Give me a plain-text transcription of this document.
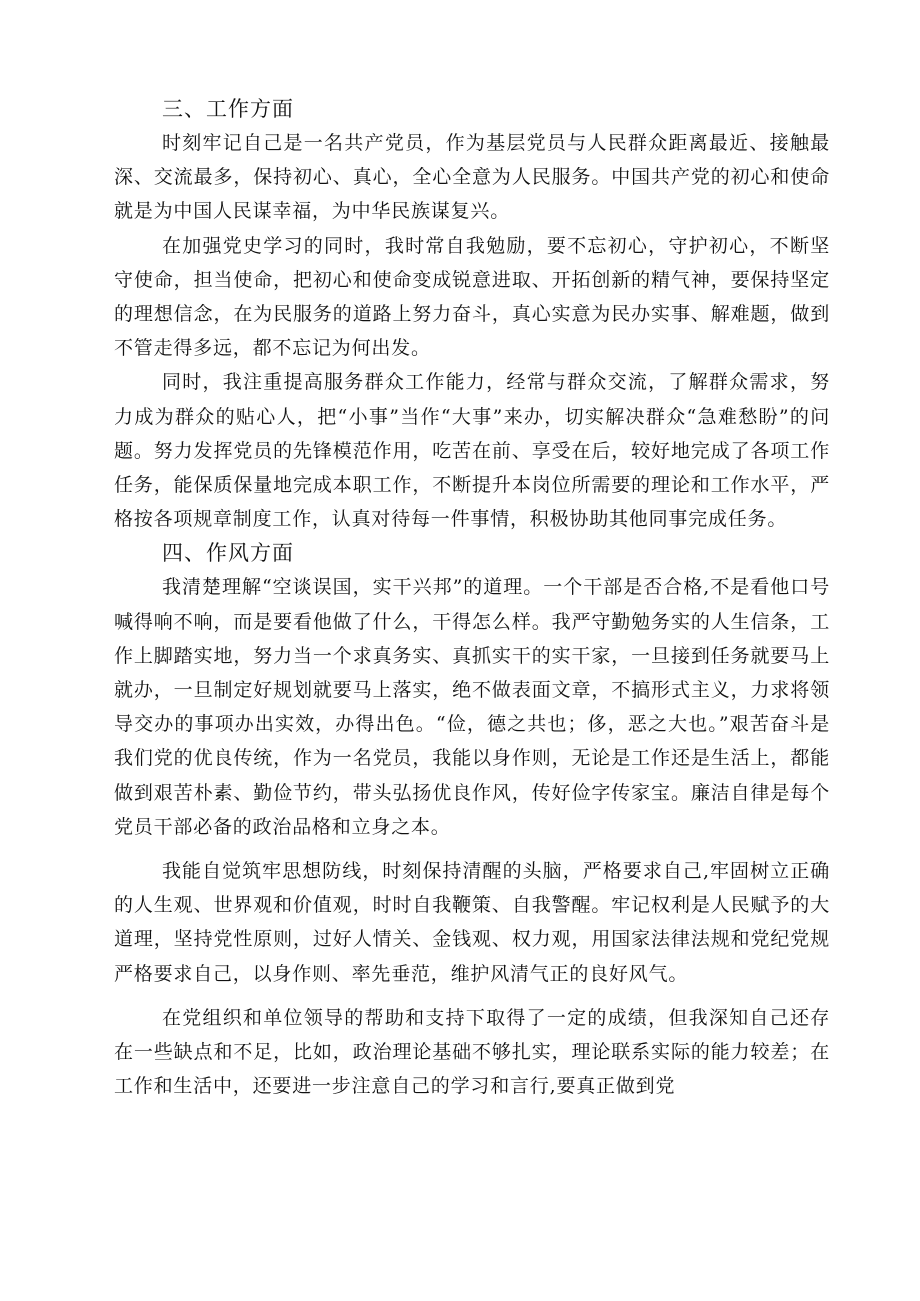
三、工作方面

时刻牢记自己是一名共产党员，作为基层党员与人民群众距离最近、接触最深、交流最多，保持初心、真心，全心全意为人民服务。中国共产党的初心和使命就是为中国人民谋幸福，为中华民族谋复兴。

在加强党史学习的同时，我时常自我勉励，要不忘初心，守护初心，不断坚守使命，担当使命，把初心和使命变成锐意进取、开拓创新的精气神，要保持坚定的理想信念，在为民服务的道路上努力奋斗，真心实意为民办实事、解难题，做到不管走得多远，都不忘记为何出发。

同时，我注重提高服务群众工作能力，经常与群众交流，了解群众需求，努力成为群众的贴心人，把“小事”当作“大事”来办，切实解决群众“急难愁盼”的问题。努力发挥党员的先锋模范作用，吃苦在前、享受在后，较好地完成了各项工作任务，能保质保量地完成本职工作，不断提升本岗位所需要的理论和工作水平，严格按各项规章制度工作，认真对待每一件事情，积极协助其他同事完成任务。

四、作风方面

我清楚理解“空谈误国，实干兴邦”的道理。一个干部是否合格,不是看他口号喊得响不响，而是要看他做了什么，干得怎么样。我严守勤勉务实的人生信条，工作上脚踏实地，努力当一个求真务实、真抓实干的实干家，一旦接到任务就要马上就办，一旦制定好规划就要马上落实，绝不做表面文章，不搞形式主义，力求将领导交办的事项办出实效，办得出色。“俭，德之共也；侈，恶之大也。”艰苦奋斗是我们党的优良传统，作为一名党员，我能以身作则，无论是工作还是生活上，都能做到艰苦朴素、勤俭节约，带头弘扬优良作风，传好俭字传家宝。廉洁自律是每个党员干部必备的政治品格和立身之本。

我能自觉筑牢思想防线，时刻保持清醒的头脑，严格要求自己,牢固树立正确的人生观、世界观和价值观，时时自我鞭策、自我警醒。牢记权利是人民赋予的大道理，坚持党性原则，过好人情关、金钱观、权力观，用国家法律法规和党纪党规严格要求自己，以身作则、率先垂范，维护风清气正的良好风气。

在党组织和单位领导的帮助和支持下取得了一定的成绩，但我深知自己还存在一些缺点和不足，比如，政治理论基础不够扎实，理论联系实际的能力较差；在工作和生活中，还要进一步注意自己的学习和言行,要真正做到党
